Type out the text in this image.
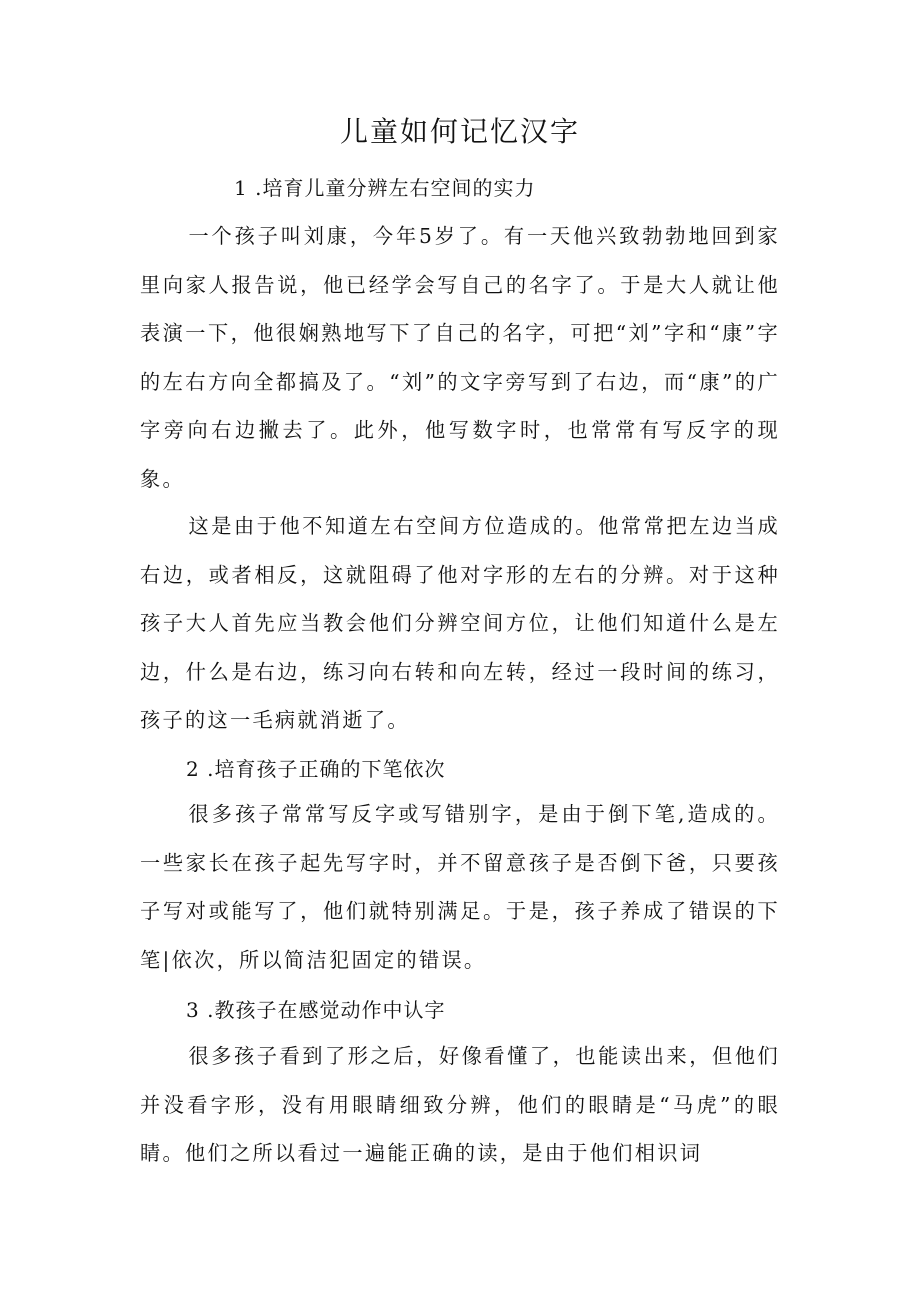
儿童如何记忆汉字
1 .培育儿童分辨左右空间的实力

一个孩子叫刘康，今年5岁了。有一天他兴致勃勃地回到家里向家人报告说，他已经学会写自己的名字了。于是大人就让他表演一下，他很娴熟地写下了自己的名字，可把“刘”字和“康”字的左右方向全都搞及了。“刘”的文字旁写到了右边，而“康”的广字旁向右边撇去了。此外，他写数字时，也常常有写反字的现象。

这是由于他不知道左右空间方位造成的。他常常把左边当成右边，或者相反，这就阻碍了他对字形的左右的分辨。对于这种孩子大人首先应当教会他们分辨空间方位，让他们知道什么是左边，什么是右边，练习向右转和向左转，经过一段时间的练习，孩子的这一毛病就消逝了。

2 .培育孩子正确的下笔依次

很多孩子常常写反字或写错别字，是由于倒下笔,造成的。一些家长在孩子起先写字时，并不留意孩子是否倒下爸，只要孩子写对或能写了，他们就特别满足。于是，孩子养成了错误的下笔|依次，所以简洁犯固定的错误。

3 .教孩子在感觉动作中认字

很多孩子看到了形之后，好像看懂了，也能读出来，但他们并没看字形，没有用眼睛细致分辨，他们的眼睛是“马虎”的眼睛。他们之所以看过一遍能正确的读，是由于他们相识词
